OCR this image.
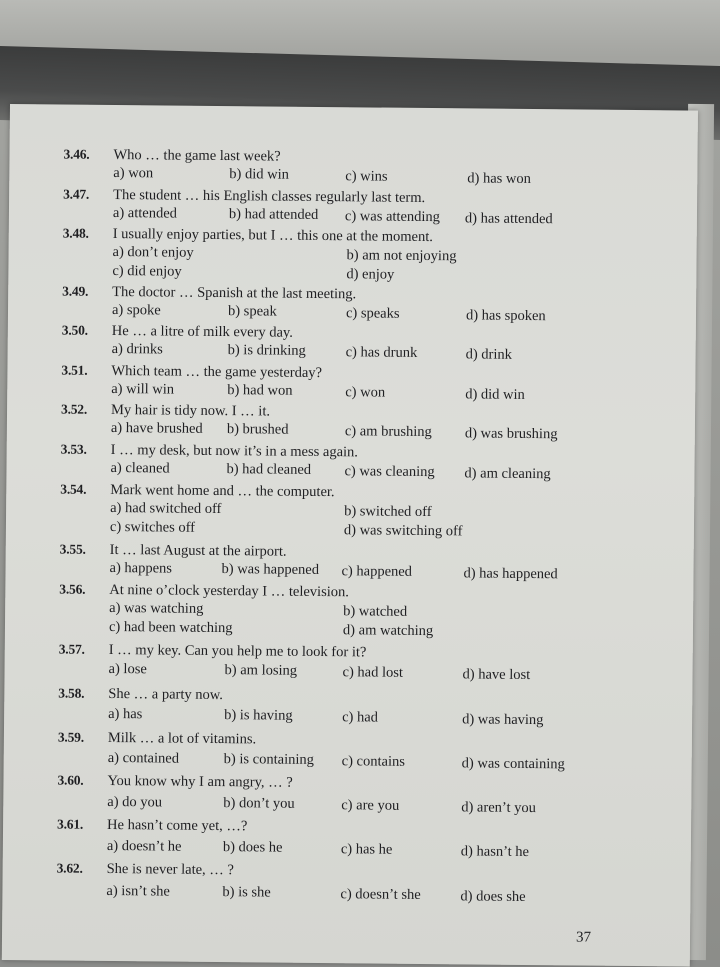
3.46. Who … the game last week?
a) won	b) did win	c) wins	d) has won
3.47. The student … his English classes regularly last term.
a) attended	b) had attended c) was attending d) has attended
3.48. I usually enjoy parties, but I … this one at the moment.
a) don’t enjoy	b) am not enjoying
c) did enjoy	d) enjoy
3.49. The doctor … Spanish at the last meeting.
a) spoke	b) speak	c) speaks	d) has spoken
3.50. He … a litre of milk every day.
a) drinks	b) is drinking	c) has drunk	d) drink
3.51. Which team … the game yesterday?
a) will win	b) had won	c) won	d) did win
3.52. My hair is tidy now. I … it.
a) have brushed b) brushed	c) am brushing d) was brushing
3.53. I … my desk, but now it’s in a mess again.
a) cleaned	b) had cleaned c) was cleaning d) am cleaning
3.54. Mark went home and … the computer.
a) had switched off	b) switched off
c) switches off	d) was switching off
3.55. It … last August at the airport.
a) happens	b) was happened c) happened	d) has happened
3.56. At nine o’clock yesterday I … television.
a) was watching	b) watched
c) had been watching	d) am watching
3.57. I … my key. Can you help me to look for it?
a) lose	b) am losing	c) had lost	d) have lost
3.58. She … a party now.
a) has	b) is having	c) had	d) was having
3.59. Milk … a lot of vitamins.
a) contained	b) is containing c) contains	d) was containing
3.60. You know why I am angry, … ?
a) do you	b) don’t you	c) are you	d) aren’t you
3.61. He hasn’t come yet, …?
a) doesn’t he	b) does he	c) has he	d) hasn’t he
3.62. She is never late, … ?
a) isn’t she	b) is she	c) doesn’t she	d) does she
37
